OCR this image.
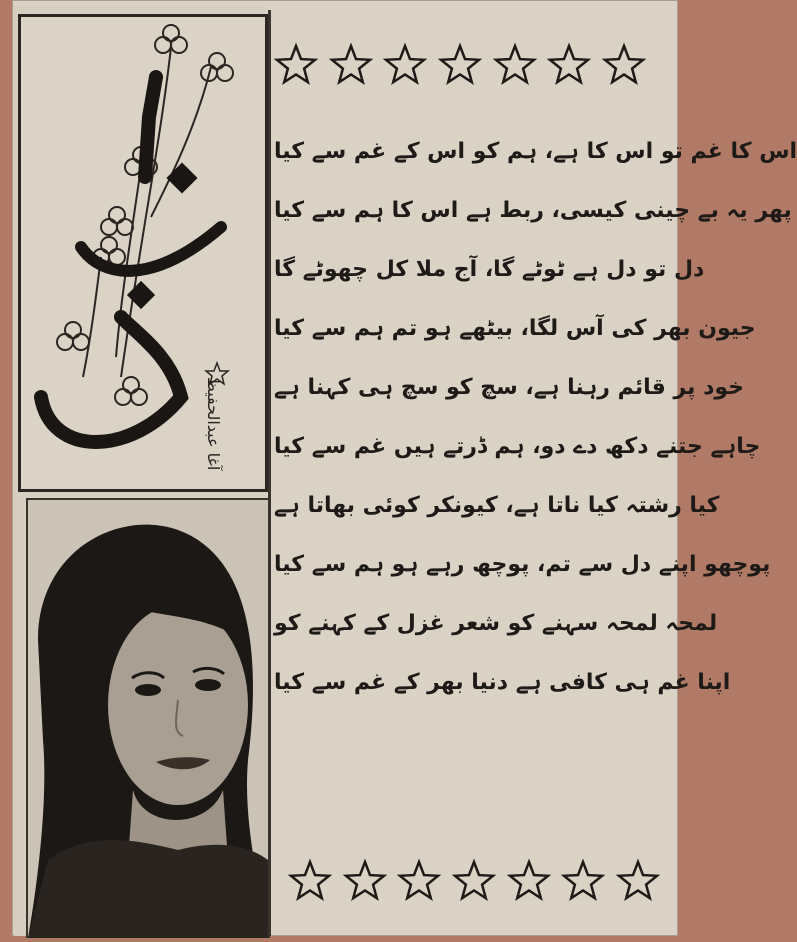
آغا عبدالحفیظ
اس کا غم تو اس کا ہے، ہم کو اس کے غم سے کیا
پھر یہ بے چینی کیسی، ربط ہے اس کا ہم سے کیا
دل تو دل ہے ٹوٹے گا، آج ملا کل چھوٹے گا
جیون بھر کی آس لگا، بیٹھے ہو تم ہم سے کیا
خود پر قائم رہنا ہے، سچ کو سچ ہی کہنا ہے
چاہے جتنے دکھ دے دو، ہم ڈرتے ہیں غم سے کیا
کیا رشتہ کیا ناتا ہے، کیونکر کوئی بھاتا ہے
پوچھو اپنے دل سے تم، پوچھ رہے ہو ہم سے کیا
لمحہ لمحہ سہنے کو شعر غزل کے کہنے کو
اپنا غم ہی کافی ہے دنیا بھر کے غم سے کیا
